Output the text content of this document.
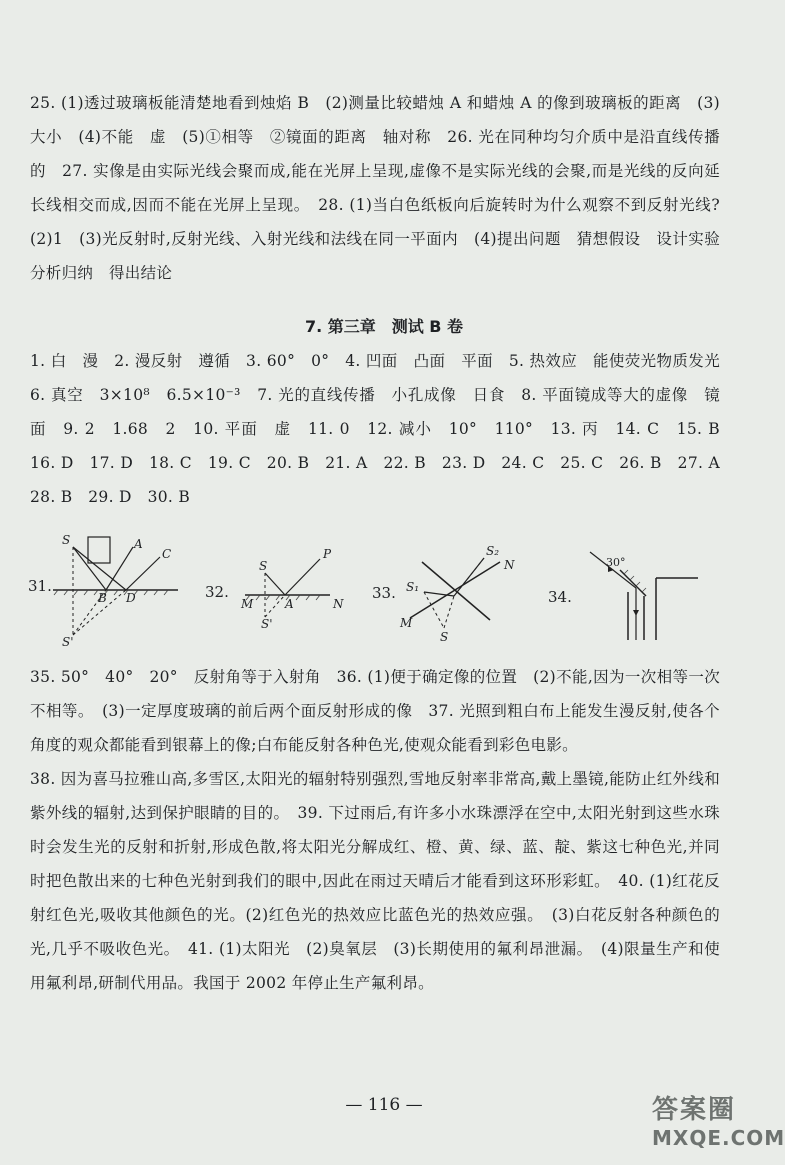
25. (1)透过玻璃板能清楚地看到烛焰 B　(2)测量比较蜡烛 A 和蜡烛 A 的像到玻璃板的距离　(3)大小　(4)不能　虚　(5)①相等　②镜面的距离　轴对称　26. 光在同种均匀介质中是沿直线传播的　27. 实像是由实际光线会聚而成,能在光屏上呈现,虚像不是实际光线的会聚,而是光线的反向延长线相交而成,因而不能在光屏上呈现。　28. (1)当白色纸板向后旋转时为什么观察不到反射光线?　(2)1　(3)光反射时,反射光线、入射光线和法线在同一平面内　(4)提出问题　猜想假设　设计实验　分析归纳　得出结论
7. 第三章　测试 B 卷
1. 白　漫　2. 漫反射　遵循　3. 60°　0°　4. 凹面　凸面　平面　5. 热效应　能使荧光物质发光　6. 真空　3×10⁸　6.5×10⁻³　7. 光的直线传播　小孔成像　日食　8. 平面镜成等大的虚像　镜面　9. 2　1.68　2　10. 平面　虚　11. 0　12. 减小　10°　110°　13. 丙　14. C　15. B　16. D　17. D　18. C　19. C　20. B　21. A　22. B　23. D　24. C　25. C　26. B　27. A　28. B　29. D　30. B
31.
S	A
C
B D
S'
32.
S
P
M	A	N
S'
33.
S₂
S₁
N
M
S
34.
30°
35. 50°　40°　20°　反射角等于入射角　36. (1)便于确定像的位置　(2)不能,因为一次相等一次不相等。　(3)一定厚度玻璃的前后两个面反射形成的像　37. 光照到粗白布上能发生漫反射,使各个角度的观众都能看到银幕上的像;白布能反射各种色光,使观众能看到彩色电影。
38. 因为喜马拉雅山高,多雪区,太阳光的辐射特别强烈,雪地反射率非常高,戴上墨镜,能防止红外线和紫外线的辐射,达到保护眼睛的目的。　39. 下过雨后,有许多小水珠漂浮在空中,太阳光射到这些水珠时会发生光的反射和折射,形成色散,将太阳光分解成红、橙、黄、绿、蓝、靛、紫这七种色光,并同时把色散出来的七种色光射到我们的眼中,因此在雨过天晴后才能看到这环形彩虹。　40. (1)红花反射红色光,吸收其他颜色的光。(2)红色光的热效应比蓝色光的热效应强。　(3)白花反射各种颜色的光,几乎不吸收色光。　41. (1)太阳光　(2)臭氧层　(3)长期使用的氟利昂泄漏。　(4)限量生产和使用氟利昂,研制代用品。我国于 2002 年停止生产氟利昂。
— 116 —	答案圈
MXQE.COM
